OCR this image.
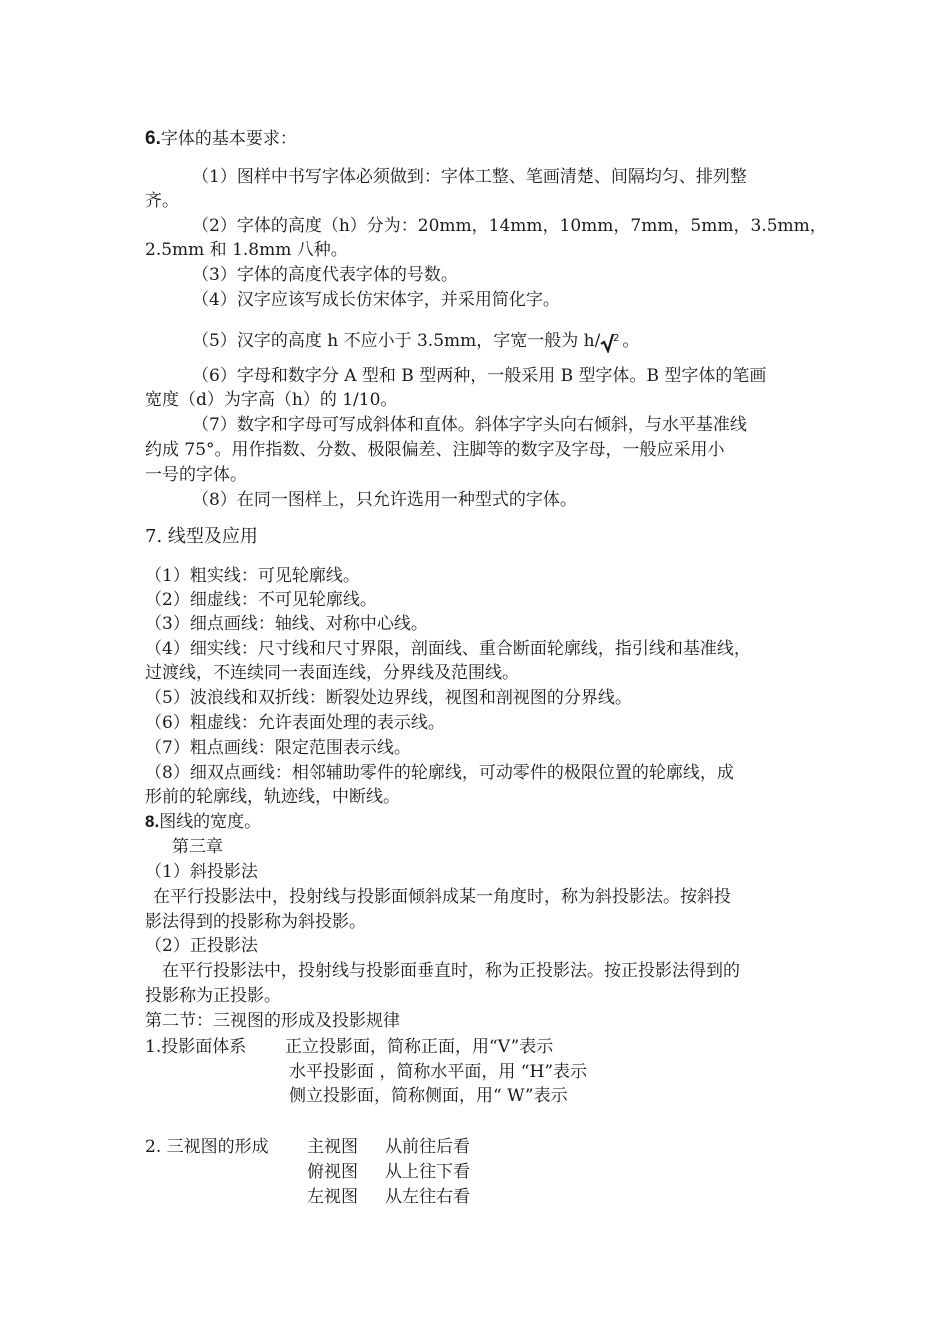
6.字体的基本要求：
（1）图样中书写字体必须做到：字体工整、笔画清楚、间隔均匀、排列整
齐。
（2）字体的高度（h）分为：20mm，14mm，10mm，7mm，5mm，3.5mm，
2.5mm 和 1.8mm 八种。
（3）字体的高度代表字体的号数。
（4）汉字应该写成长仿宋体字，并采用简化字。
（5）汉字的高度 h 不应小于 3.5mm，字宽一般为 h/ 2 。
（6）字母和数字分 A 型和 B 型两种，一般采用 B 型字体。B 型字体的笔画
宽度（d）为字高（h）的 1/10。
（7）数字和字母可写成斜体和直体。斜体字字头向右倾斜，与水平基准线
约成 75°。用作指数、分数、极限偏差、注脚等的数字及字母，一般应采用小
一号的字体。
（8）在同一图样上，只允许选用一种型式的字体。
7. 线型及应用
（1）粗实线：可见轮廓线。
（2）细虚线：不可见轮廓线。
（3）细点画线：轴线、对称中心线。
（4）细实线：尺寸线和尺寸界限，剖面线、重合断面轮廓线，指引线和基准线，
过渡线，不连续同一表面连线，分界线及范围线。
（5）波浪线和双折线：断裂处边界线，视图和剖视图的分界线。
（6）粗虚线：允许表面处理的表示线。
（7）粗点画线：限定范围表示线。
（8）细双点画线：相邻辅助零件的轮廓线，可动零件的极限位置的轮廓线，成
形前的轮廓线，轨迹线，中断线。
8.图线的宽度。
第三章
（1）斜投影法
在平行投影法中，投射线与投影面倾斜成某一角度时，称为斜投影法。按斜投
影法得到的投影称为斜投影。
（2）正投影法
在平行投影法中，投射线与投影面垂直时，称为正投影法。按正投影法得到的
投影称为正投影。
第二节：三视图的形成及投影规律
1.投影面体系 正立投影面，简称正面，用“V”表示
水平投影面 ，简称水平面，用 “H”表示
侧立投影面，简称侧面，用“ W”表示
2. 三视图的形成 主视图 从前往后看
俯视图 从上往下看
左视图 从左往右看
